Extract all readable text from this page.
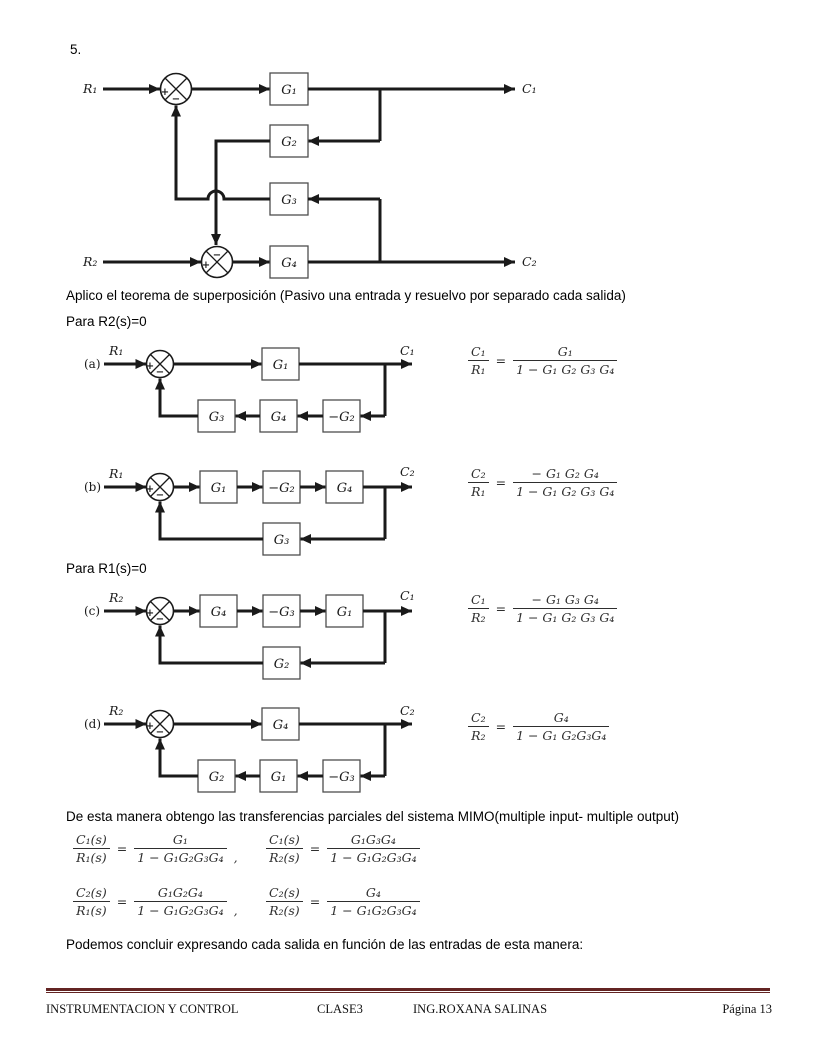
5.
R₁	+
−
G₁	C₁
G₂
G₃
−
+
R₂	G₄	C₂
Aplico el teorema de superposición (Pasivo una entrada y resuelvo por separado cada salida)
Para R2(s)=0
(a)
R₁
+
−	G₁
C₁
−G₂
G₄
G₃
$\frac{\text{C₁}}{\text{R₁}} = \frac{\text{G₁}}{\text{1 − G₁ G₂ G₃ G₄}}$
(b)
R₁
+
−	G₁	−G₂	G₄
C₂
G₃
$\frac{\text{C₂}}{\text{R₁}} = \frac{\text{− G₁ G₂ G₄}}{\text{1 − G₁ G₂ G₃ G₄}}$
Para R1(s)=0
(c)
R₂
+
−	G₄	−G₃	G₁
C₁
G₂
$\frac{\text{C₁}}{\text{R₂}} = \frac{\text{− G₁ G₃ G₄}}{\text{1 − G₁ G₂ G₃ G₄}}$
(d)
R₂
+
−	G₄
C₂
−G₃
G₁
G₂
$\frac{\text{C₂}}{\text{R₂}} = \frac{\text{G₄}}{\text{1 − G₁ G₂G₃G₄}}$
De esta manera obtengo las transferencias parciales del sistema MIMO(multiple input- multiple output)
$\frac{\text{C₁(s)}}{\text{R₁(s)}} = \frac{\text{G₁}}{\text{1 − G₁G₂G₃G₄}}$ , $\frac{\text{C₁(s)}}{\text{R₂(s)}} = \frac{\text{G₁G₃G₄}}{\text{1 − G₁G₂G₃G₄}}$
$\frac{\text{C₂(s)}}{\text{R₁(s)}} = \frac{\text{G₁G₂G₄}}{\text{1 − G₁G₂G₃G₄}}$ , $\frac{\text{C₂(s)}}{\text{R₂(s)}} = \frac{\text{G₄}}{\text{1 − G₁G₂G₃G₄}}$
Podemos concluir expresando cada salida en función de las entradas de esta manera:
INSTRUMENTACION Y CONTROL	CLASE3	ING.ROXANA SALINAS	Página 13
